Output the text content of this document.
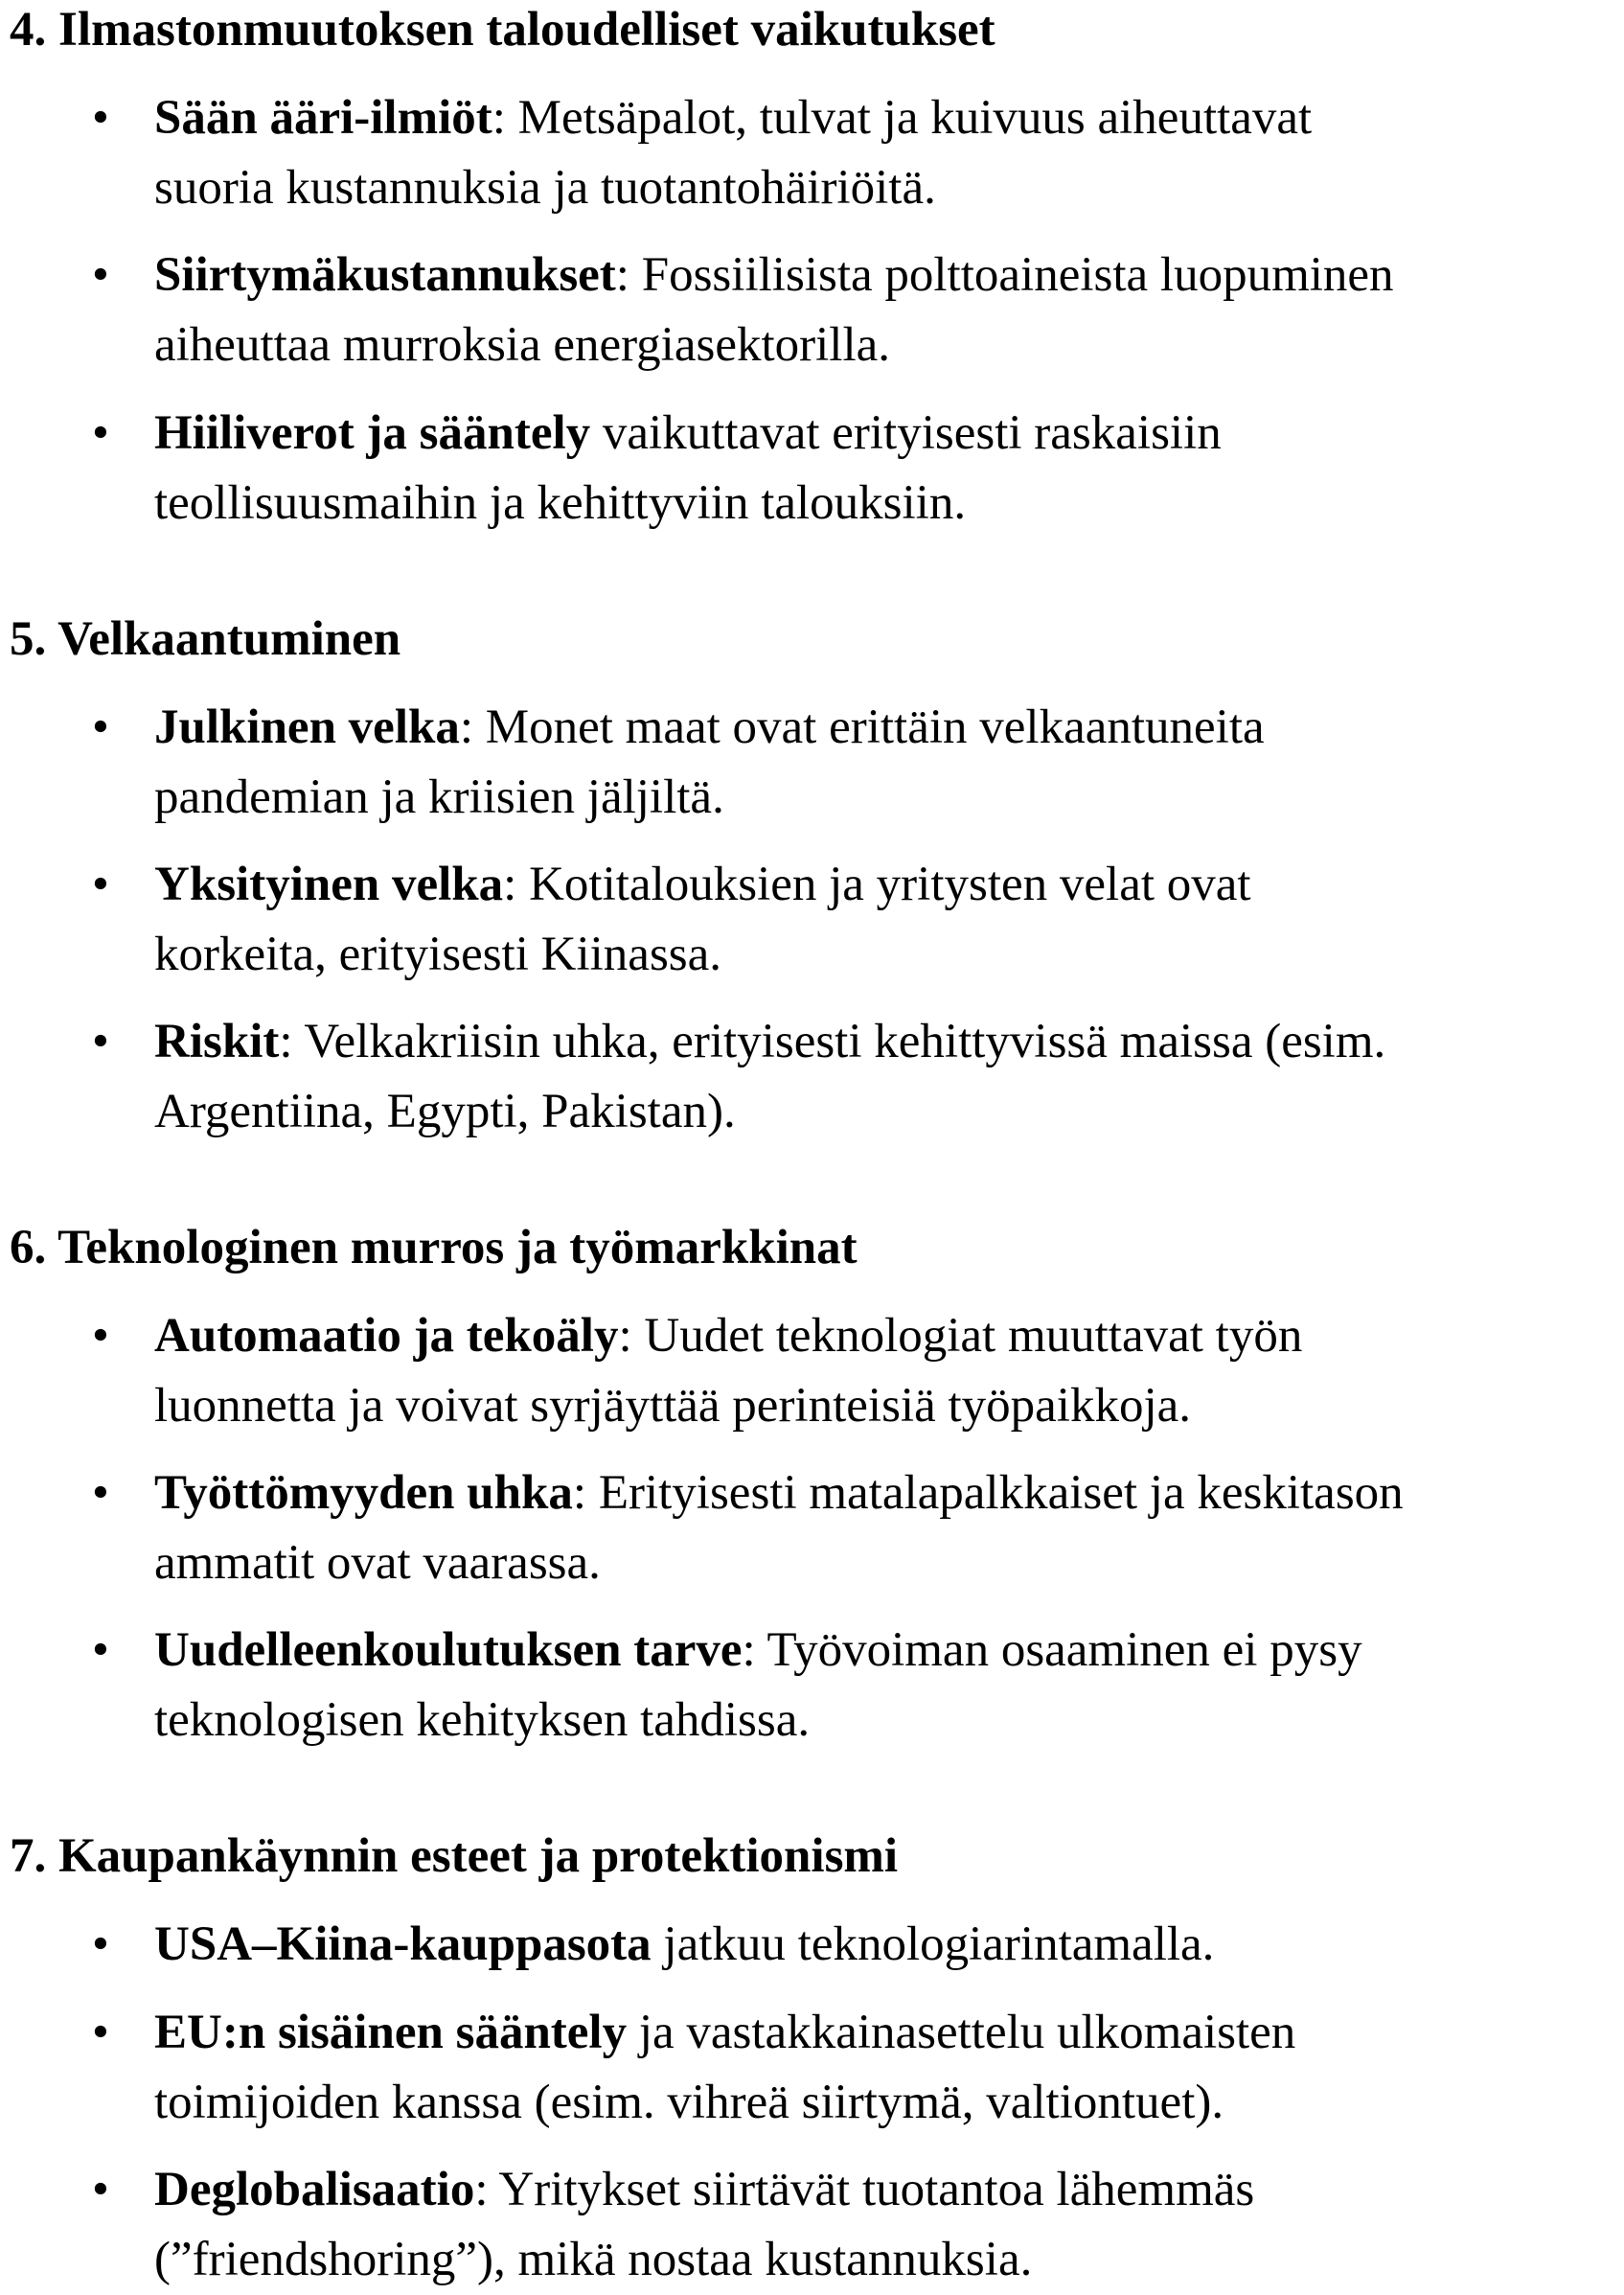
4. Ilmastonmuutoksen taloudelliset vaikutukset
• Sään ääri-ilmiöt: Metsäpalot, tulvat ja kuivuus aiheuttavat
suoria kustannuksia ja tuotantohäiriöitä.
• Siirtymäkustannukset: Fossiilisista polttoaineista luopuminen
aiheuttaa murroksia energiasektorilla.
• Hiiliverot ja sääntely vaikuttavat erityisesti raskaisiin
teollisuusmaihin ja kehittyviin talouksiin.
5. Velkaantuminen
• Julkinen velka: Monet maat ovat erittäin velkaantuneita
pandemian ja kriisien jäljiltä.
• Yksityinen velka: Kotitalouksien ja yritysten velat ovat
korkeita, erityisesti Kiinassa.
• Riskit: Velkakriisin uhka, erityisesti kehittyvissä maissa (esim.
Argentiina, Egypti, Pakistan).
6. Teknologinen murros ja työmarkkinat
• Automaatio ja tekoäly: Uudet teknologiat muuttavat työn
luonnetta ja voivat syrjäyttää perinteisiä työpaikkoja.
• Työttömyyden uhka: Erityisesti matalapalkkaiset ja keskitason
ammatit ovat vaarassa.
• Uudelleenkoulutuksen tarve: Työvoiman osaaminen ei pysy
teknologisen kehityksen tahdissa.
7. Kaupankäynnin esteet ja protektionismi
• USA–Kiina-kauppasota jatkuu teknologiarintamalla.
• EU:n sisäinen sääntely ja vastakkainasettelu ulkomaisten
toimijoiden kanssa (esim. vihreä siirtymä, valtiontuet).
• Deglobalisaatio: Yritykset siirtävät tuotantoa lähemmäs
(”friendshoring”), mikä nostaa kustannuksia.
